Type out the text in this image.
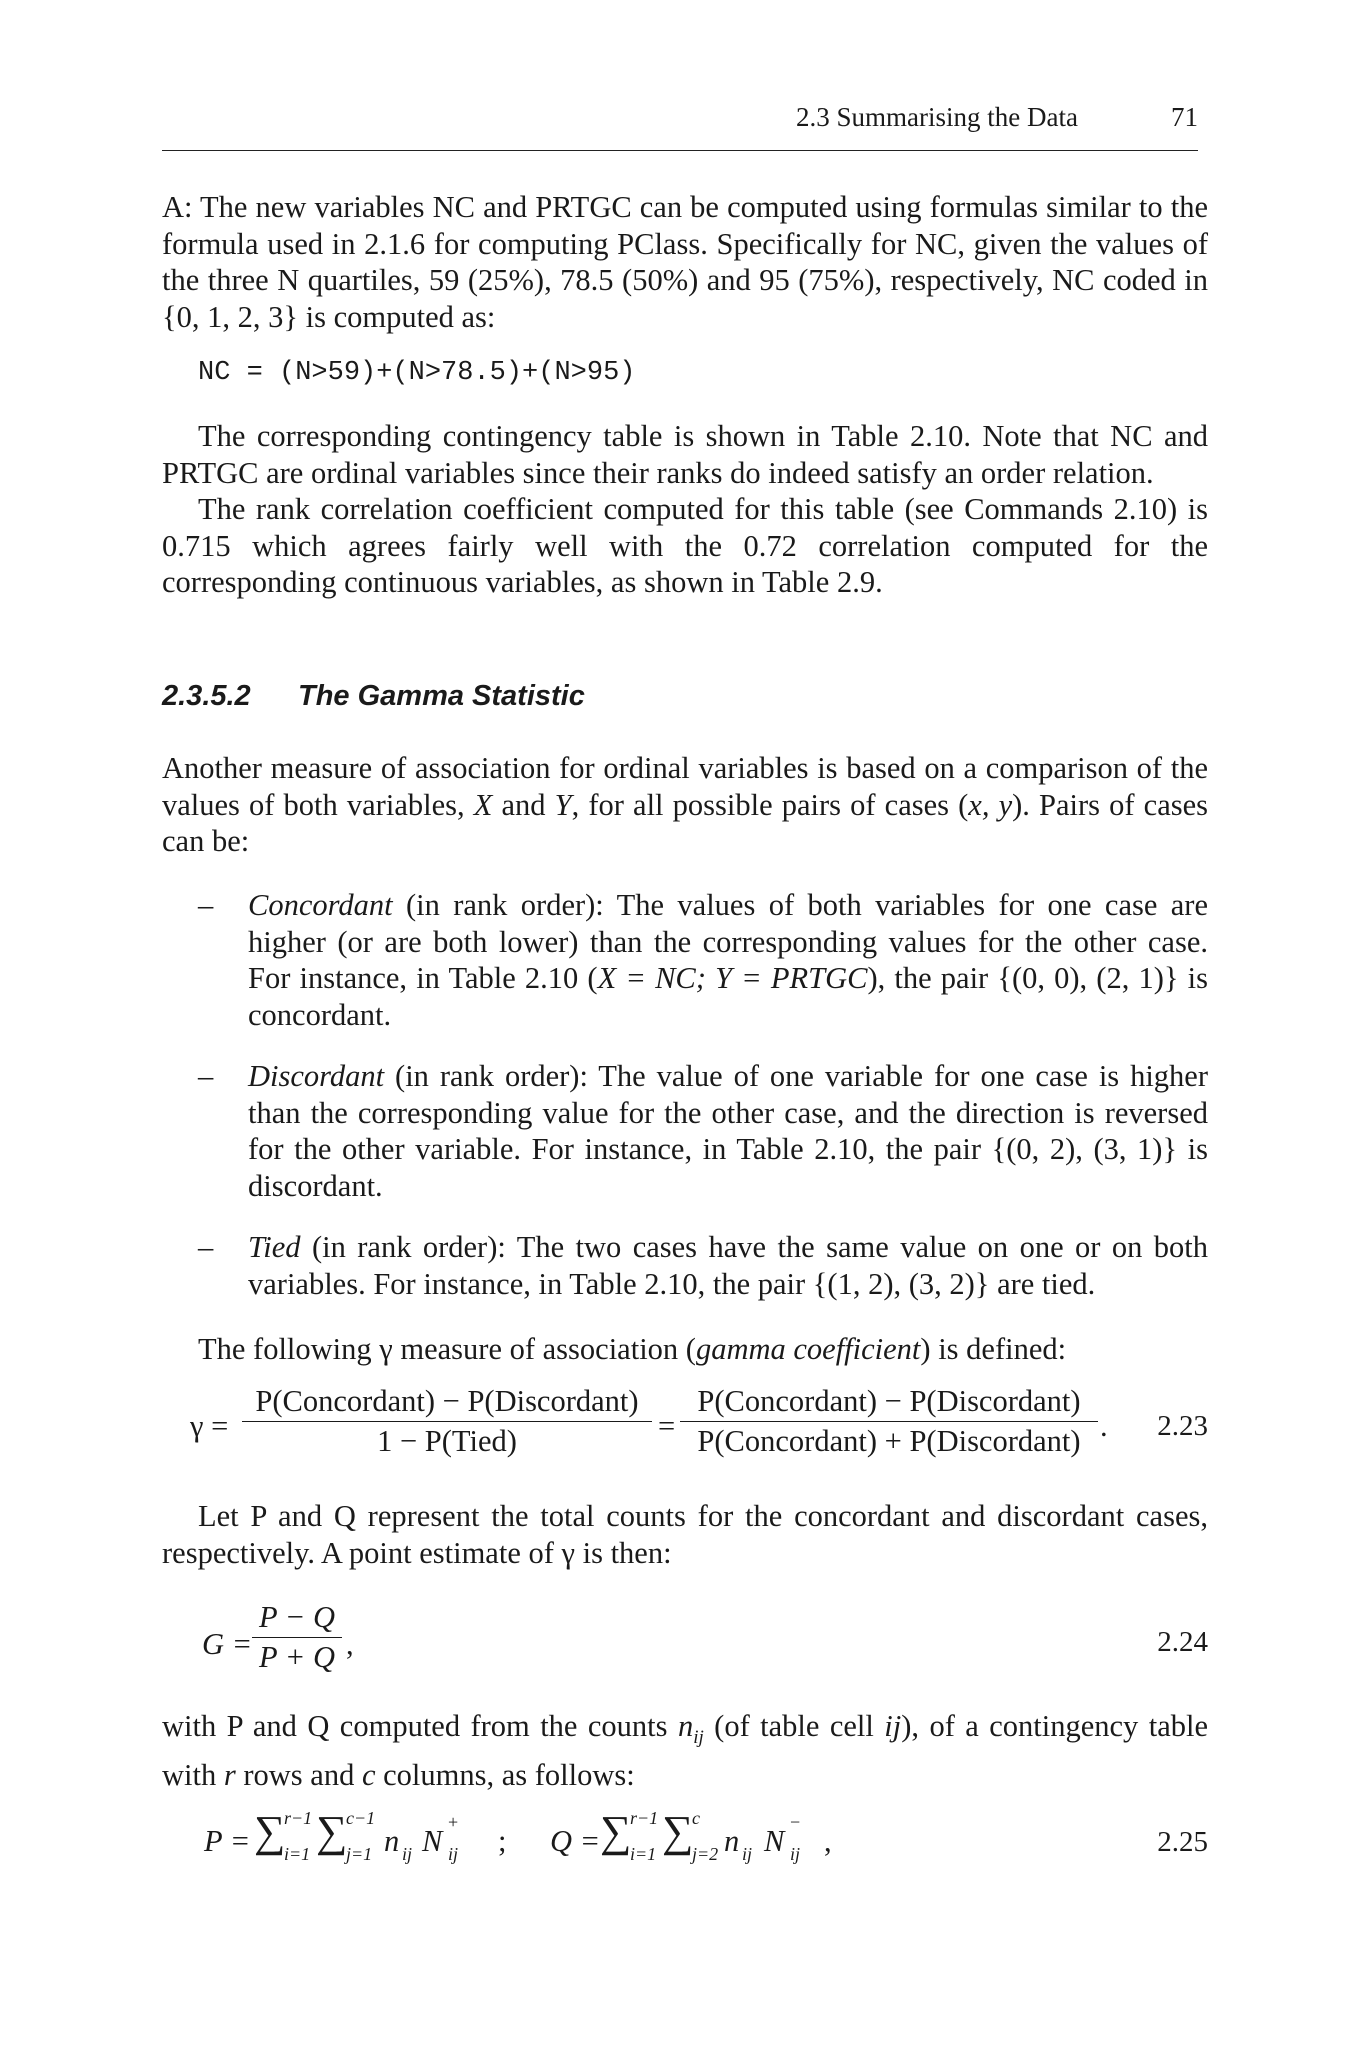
2.3 Summarising the Data	71

A: The new variables NC and PRTGC can be computed using formulas similar to the formula used in 2.1.6 for computing PClass. Specifically for NC, given the values of the three N quartiles, 59 (25%), 78.5 (50%) and 95 (75%), respectively, NC coded in {0, 1, 2, 3} is computed as:

NC = (N>59)+(N>78.5)+(N>95)

The corresponding contingency table is shown in Table 2.10. Note that NC and PRTGC are ordinal variables since their ranks do indeed satisfy an order relation.

The rank correlation coefficient computed for this table (see Commands 2.10) is 0.715 which agrees fairly well with the 0.72 correlation computed for the corresponding continuous variables, as shown in Table 2.9.

2.3.5.2 The Gamma Statistic

Another measure of association for ordinal variables is based on a comparison of the values of both variables, X and Y, for all possible pairs of cases (x, y). Pairs of cases can be:

– Concordant (in rank order): The values of both variables for one case are higher (or are both lower) than the corresponding values for the other case. For instance, in Table 2.10 (X = NC; Y = PRTGC), the pair {(0, 0), (2, 1)} is concordant.

– Discordant (in rank order): The value of one variable for one case is higher than the corresponding value for the other case, and the direction is reversed for the other variable. For instance, in Table 2.10, the pair {(0, 2), (3, 1)} is discordant.

– Tied (in rank order): The two cases have the same value on one or on both variables. For instance, in Table 2.10, the pair {(1, 2), (3, 2)} are tied.

The following γ measure of association (gamma coefficient) is defined:

γ =
P(Concordant) − P(Discordant)
1 − P(Tied)	=
P(Concordant) − P(Discordant)
P(Concordant) + P(Discordant) . 2.23

Let P and Q represent the total counts for the concordant and discordant cases, respectively. A point estimate of γ is then:

$G = \frac{P - Q}{P + Q}$ ,	2.24

with P and Q computed from the counts $n_{ij}$ (of table cell ij), of a contingency table with r rows and c columns, as follows:

P = ∑
r−1
i=1 ∑
c−1
j=1 n ij N
+
ij ; Q = ∑
r−1
i=1 ∑
c
j=2 n ij N
−
ij ,	2.25
